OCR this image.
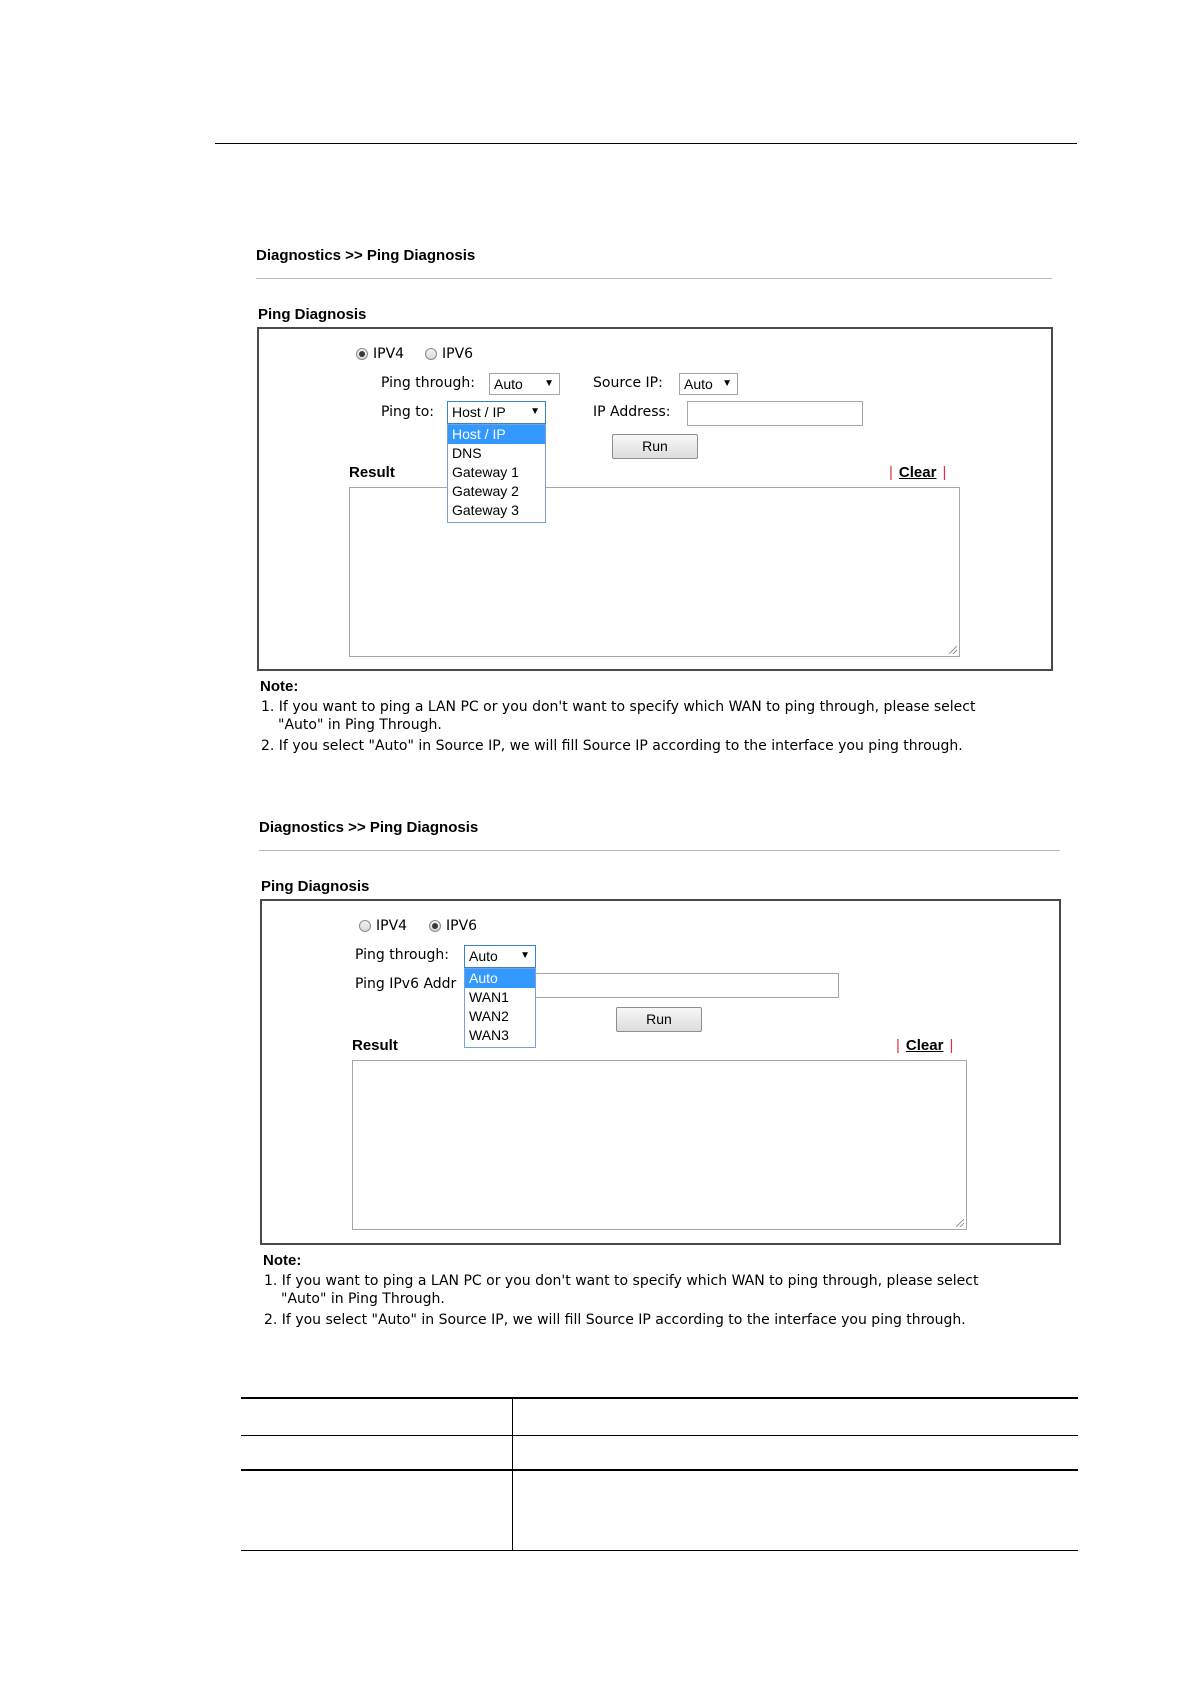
Diagnostics >> Ping Diagnosis
Ping Diagnosis
IPV4	IPV6
Ping through:	Auto ▼	Source IP:	Auto ▼
Ping to:	Host / IP ▼	IP Address:
Run
Result	| Clear |
Host / IP
DNS
Gateway 1
Gateway 2
Gateway 3
Note:
1. If you want to ping a LAN PC or you don't want to specify which WAN to ping through, please select
"Auto" in Ping Through.
2. If you select "Auto" in Source IP, we will fill Source IP according to the interface you ping through.
Diagnostics >> Ping Diagnosis
Ping Diagnosis
IPV4	IPV6
Ping through:	Auto ▼
Ping IPv6 Addr
Run
Result	| Clear |
Auto
WAN1
WAN2
WAN3
Note:
1. If you want to ping a LAN PC or you don't want to specify which WAN to ping through, please select
"Auto" in Ping Through.
2. If you select "Auto" in Source IP, we will fill Source IP according to the interface you ping through.
